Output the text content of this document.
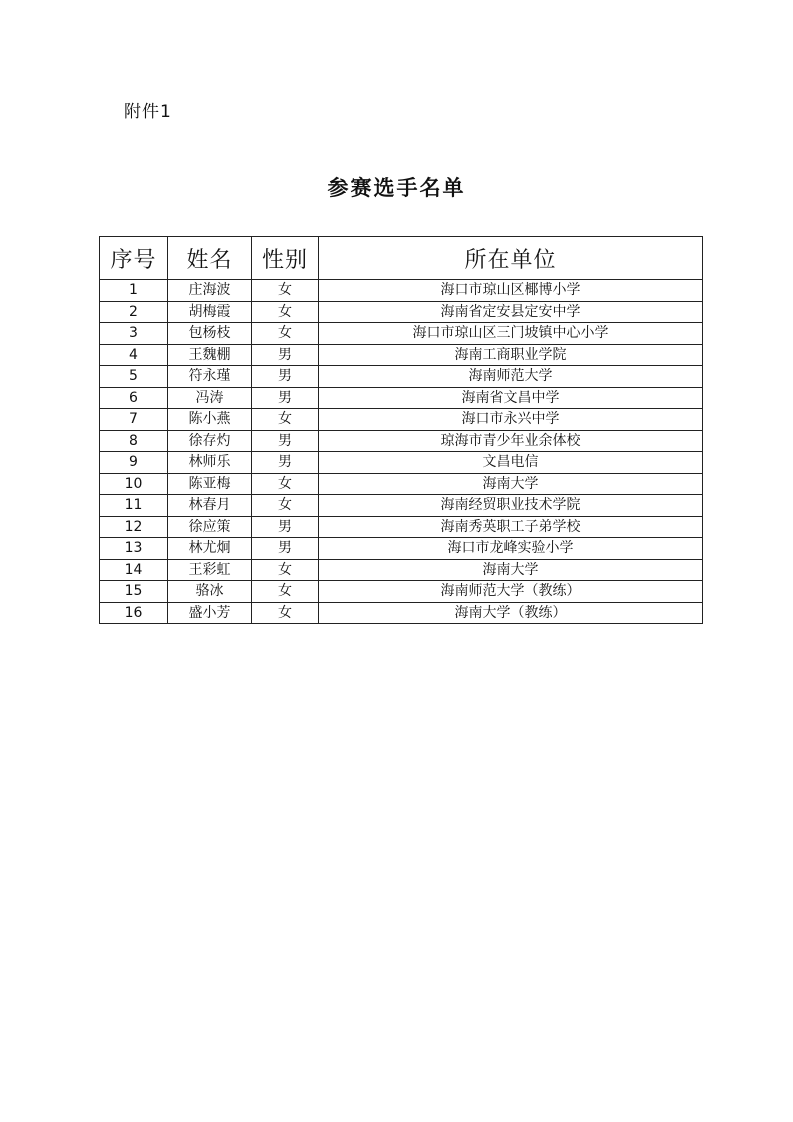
附件1
参赛选手名单
序号	姓名	性别	所在单位
1	庄海波	女	海口市琼山区椰博小学
2	胡梅霞	女	海南省定安县定安中学
3	包杨枝	女	海口市琼山区三门坡镇中心小学
4	王魏棚	男	海南工商职业学院
5	符永瑾	男	海南师范大学
6	冯涛	男	海南省文昌中学
7	陈小燕	女	海口市永兴中学
8	徐存灼	男	琼海市青少年业余体校
9	林师乐	男	文昌电信
10	陈亚梅	女	海南大学
11	林春月	女	海南经贸职业技术学院
12	徐应策	男	海南秀英职工子弟学校
13	林尤炯	男	海口市龙峰实验小学
14	王彩虹	女	海南大学
15	骆冰	女	海南师范大学（教练）
16	盛小芳	女	海南大学（教练）
